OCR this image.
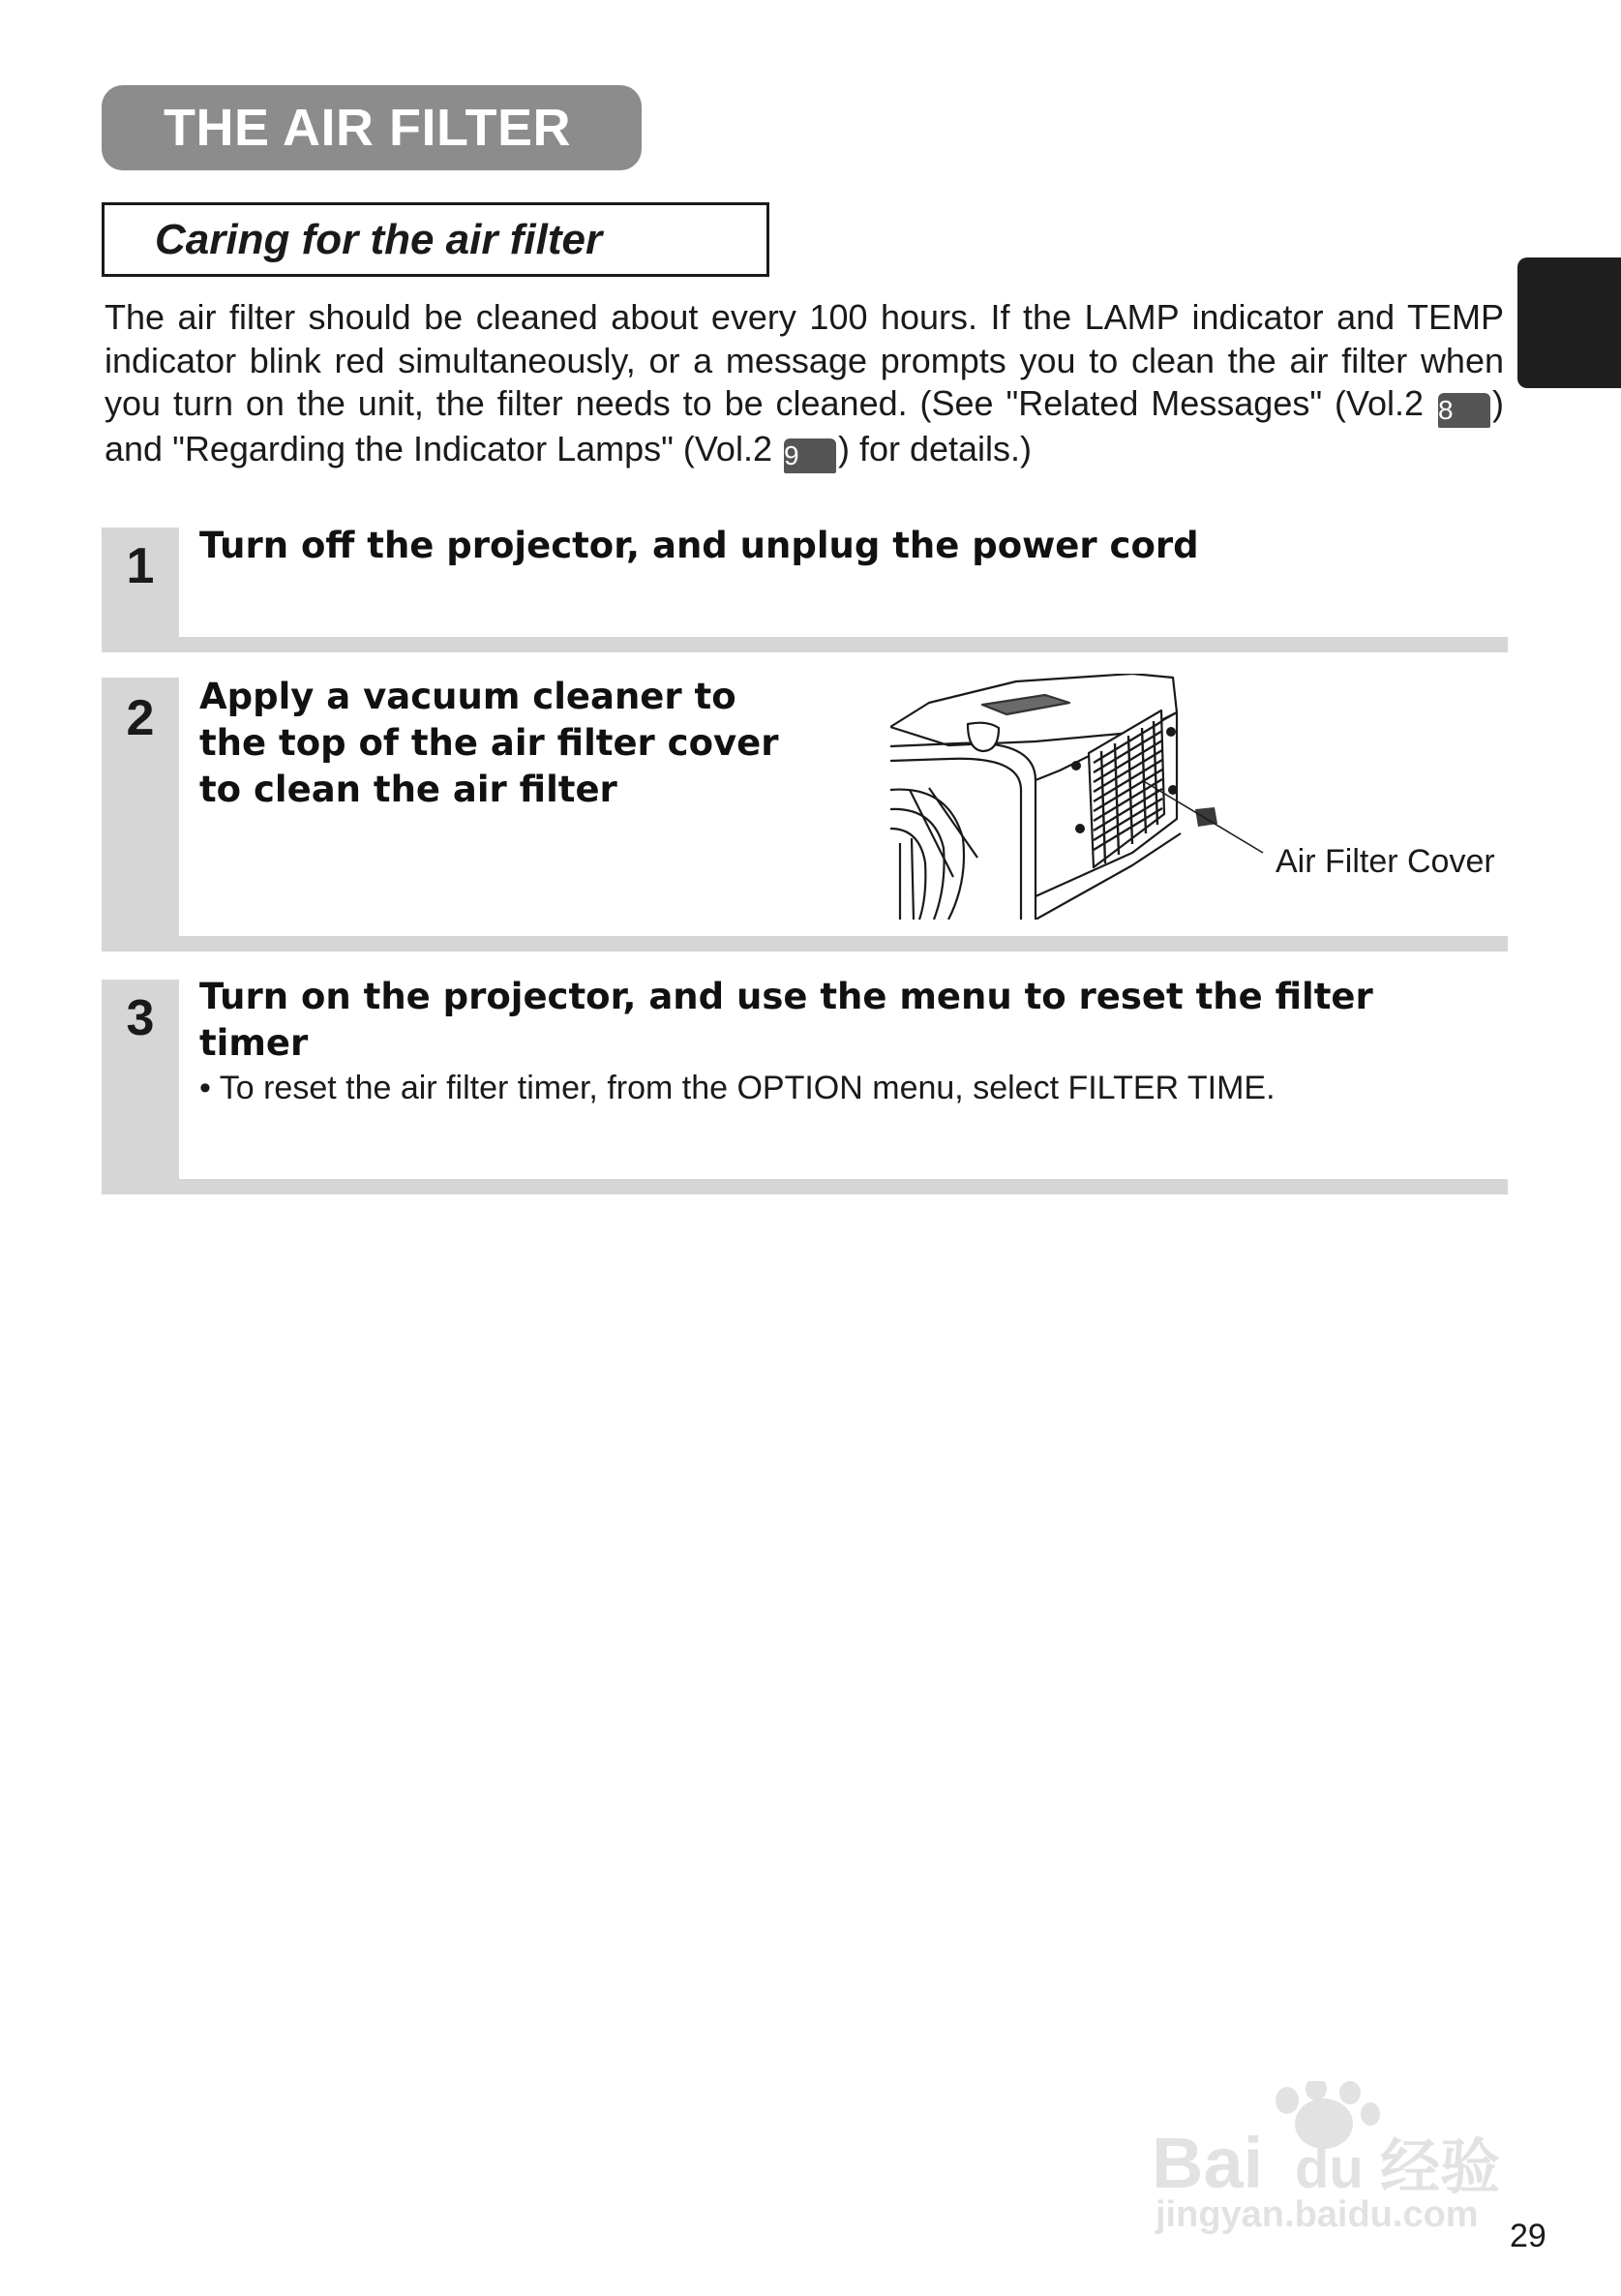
THE AIR FILTER
Caring for the air filter
The air filter should be cleaned about every 100 hours. If the LAMP indicator and TEMP indicator blink red simultaneously, or a message prompts you to clean the air filter when you turn on the unit, the filter needs to be cleaned. (See "Related Messages" (Vol.2 8 ) and "Regarding the Indicator Lamps" (Vol.2 9 ) for details.)
1	Turn off the projector, and unplug the power cord
2	Apply a vacuum cleaner to
the top of the air filter cover
to clean the air filter
Air Filter Cover
3	Turn on the projector, and use the menu to reset the filter
timer
• To reset the air filter timer, from the OPTION menu, select FILTER TIME.
Bai du 经验
jingyan.baidu.com
29
